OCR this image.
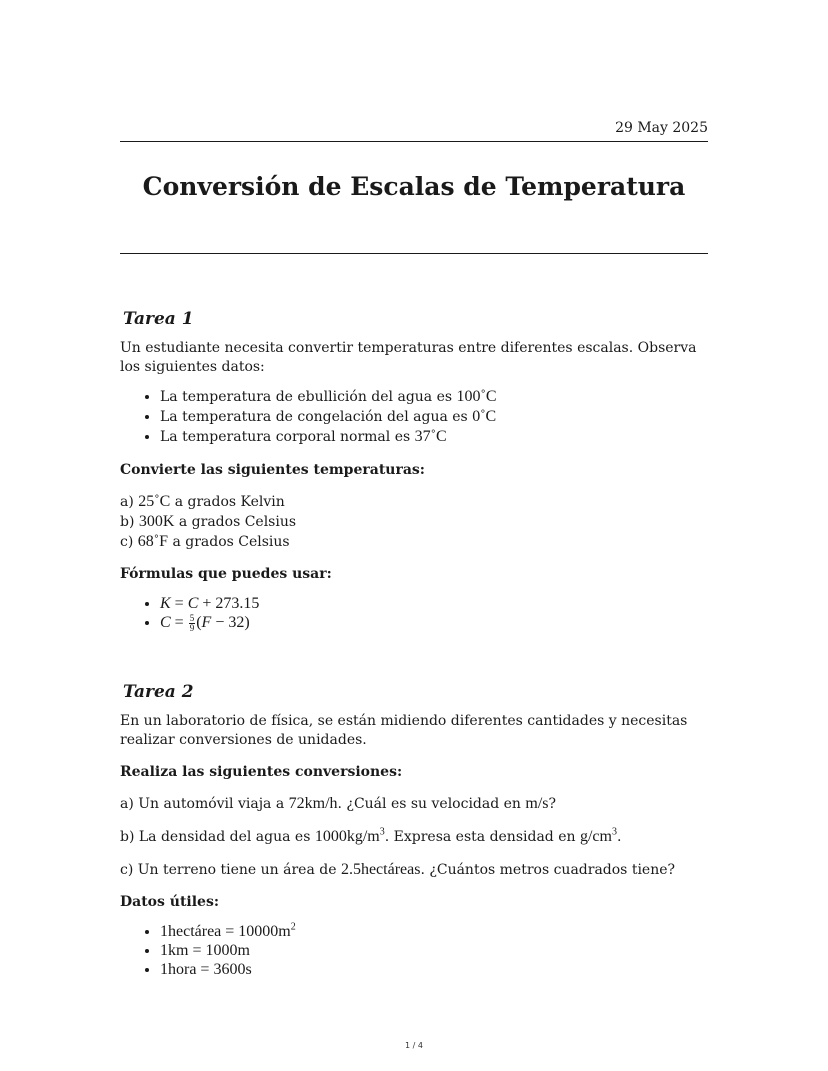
29 May 2025
Conversión de Escalas de Temperatura
Tarea 1

Un estudiante necesita convertir temperaturas entre diferentes escalas. Observa los siguientes datos:

• La temperatura de ebullición del agua es 100˚C
• La temperatura de congelación del agua es 0˚C
• La temperatura corporal normal es 37˚C

Convierte las siguientes temperaturas:

a) 25˚C a grados Kelvin
b) 300K a grados Celsius
c) 68˚F a grados Celsius

Fórmulas que puedes usar:

• K = C + 273.15
• $C = \frac{5}{9} (F - 32)$
Tarea 2

En un laboratorio de física, se están midiendo diferentes cantidades y necesitas realizar conversiones de unidades.

Realiza las siguientes conversiones:

a) Un automóvil viaja a 72km/h. ¿Cuál es su velocidad en m/s?

b) La densidad del agua es $1000kg/m^3$. Expresa esta densidad en $g/cm^3$.

c) Un terreno tiene un área de 2.5hectáreas. ¿Cuántos metros cuadrados tiene?

Datos útiles:

• 1hectárea = $10000m^2$
• 1km = 1000m
• 1hora = 3600s
1 / 4
